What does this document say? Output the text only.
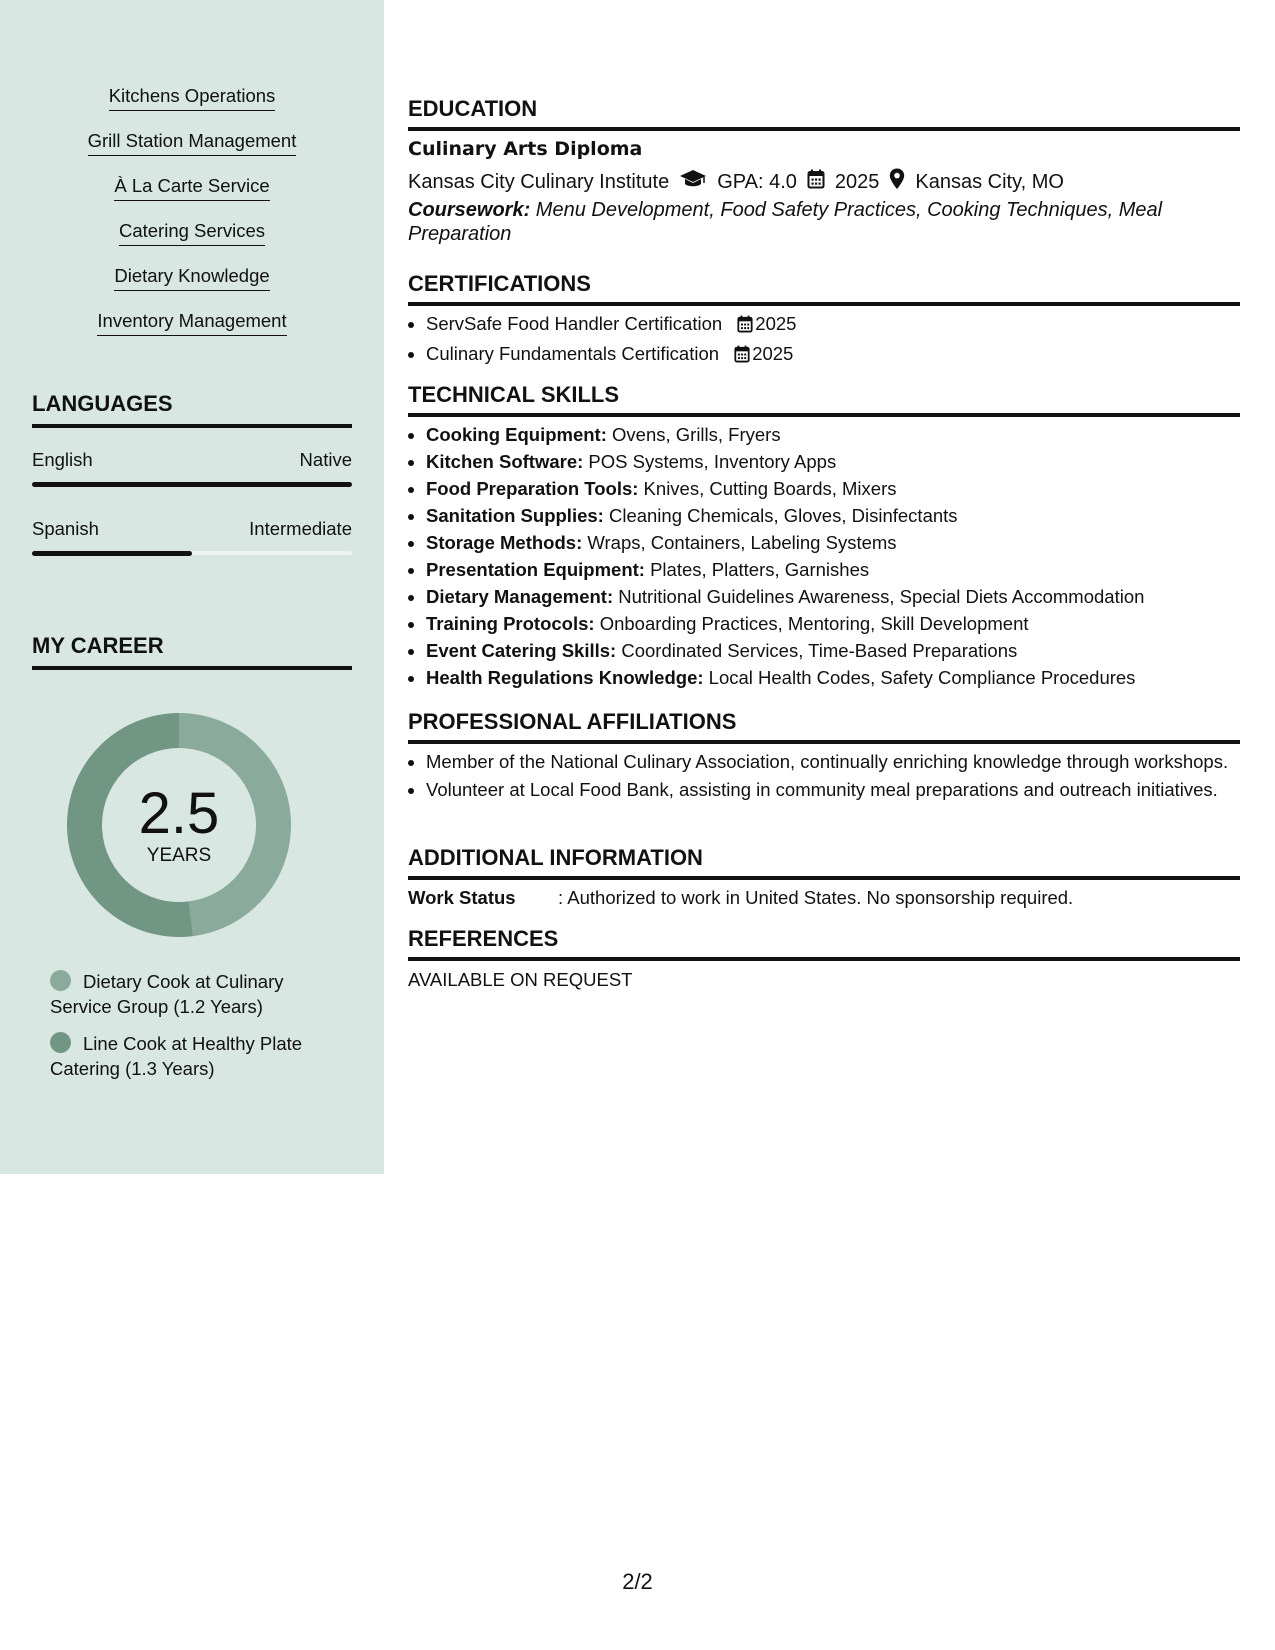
Kitchens Operations
Grill Station Management
À La Carte Service
Catering Services
Dietary Knowledge
Inventory Management
LANGUAGES
English	Native
Spanish	Intermediate
MY CAREER
2.5
YEARS
Dietary Cook at Culinary Service Group (1.2 Years)
Line Cook at Healthy Plate Catering (1.3 Years)
EDUCATION
Culinary Arts Diploma
Kansas City Culinary Institute GPA: 4.0 2025 Kansas City, MO
Coursework: Menu Development, Food Safety Practices, Cooking Techniques, Meal Preparation
CERTIFICATIONS
• ServSafe Food Handler Certification 2025
• Culinary Fundamentals Certification 2025
TECHNICAL SKILLS
• Cooking Equipment: Ovens, Grills, Fryers
• Kitchen Software: POS Systems, Inventory Apps
• Food Preparation Tools: Knives, Cutting Boards, Mixers
• Sanitation Supplies: Cleaning Chemicals, Gloves, Disinfectants
• Storage Methods: Wraps, Containers, Labeling Systems
• Presentation Equipment: Plates, Platters, Garnishes
• Dietary Management: Nutritional Guidelines Awareness, Special Diets Accommodation
• Training Protocols: Onboarding Practices, Mentoring, Skill Development
• Event Catering Skills: Coordinated Services, Time-Based Preparations
• Health Regulations Knowledge: Local Health Codes, Safety Compliance Procedures
PROFESSIONAL AFFILIATIONS
• Member of the National Culinary Association, continually enriching knowledge through workshops.
• Volunteer at Local Food Bank, assisting in community meal preparations and outreach initiatives.
ADDITIONAL INFORMATION
Work Status : Authorized to work in United States. No sponsorship required.
REFERENCES
AVAILABLE ON REQUEST
2/2
